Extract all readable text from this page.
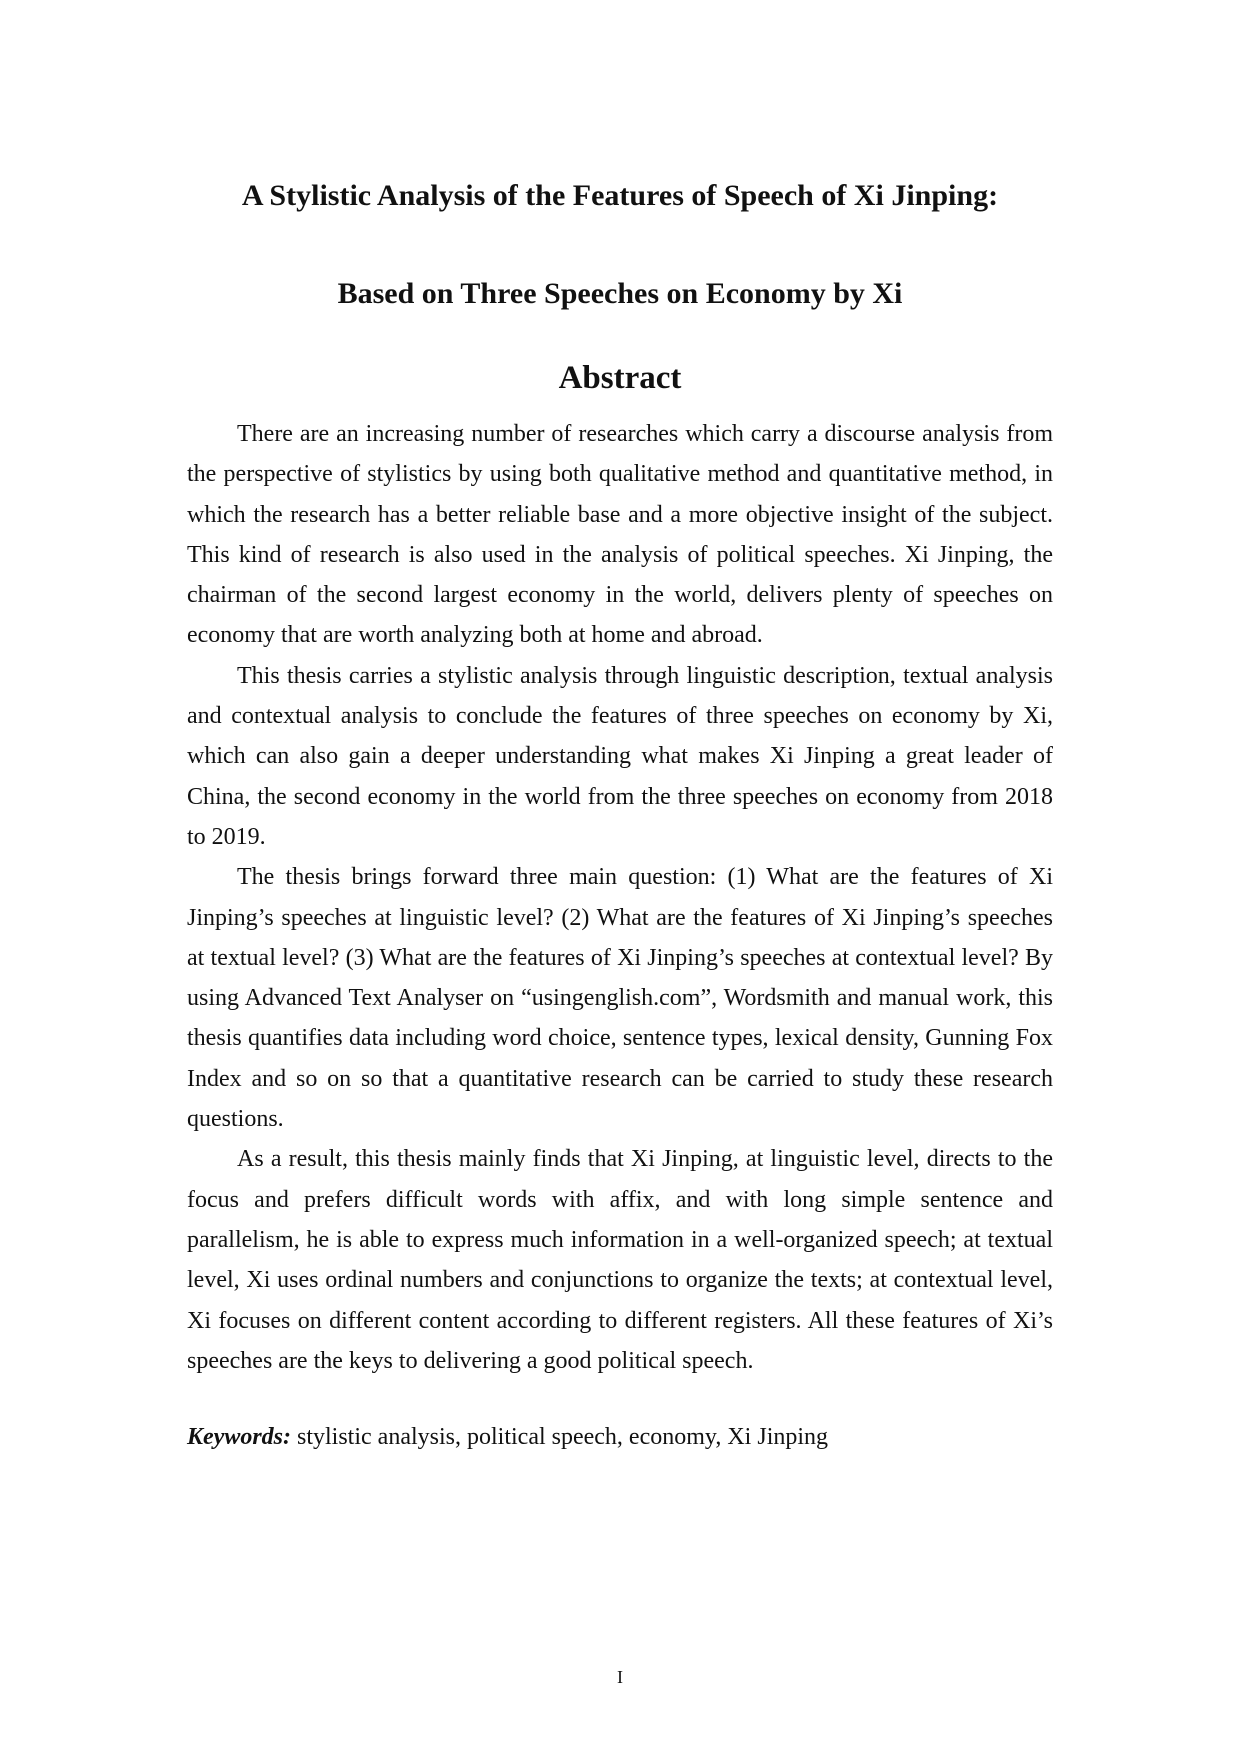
A Stylistic Analysis of the Features of Speech of Xi Jinping:
Based on Three Speeches on Economy by Xi
Abstract

There are an increasing number of researches which carry a discourse analysis from the perspective of stylistics by using both qualitative method and quantitative method, in which the research has a better reliable base and a more objective insight of the subject. This kind of research is also used in the analysis of political speeches. Xi Jinping, the chairman of the second largest economy in the world, delivers plenty of speeches on economy that are worth analyzing both at home and abroad.

This thesis carries a stylistic analysis through linguistic description, textual analysis and contextual analysis to conclude the features of three speeches on economy by Xi, which can also gain a deeper understanding what makes Xi Jinping a great leader of China, the second economy in the world from the three speeches on economy from 2018 to 2019.

The thesis brings forward three main question: (1) What are the features of Xi Jinping’s speeches at linguistic level? (2) What are the features of Xi Jinping’s speeches at textual level? (3) What are the features of Xi Jinping’s speeches at contextual level? By using Advanced Text Analyser on “usingenglish.com”, Wordsmith and manual work, this thesis quantifies data including word choice, sentence types, lexical density, Gunning Fox Index and so on so that a quantitative research can be carried to study these research questions.

As a result, this thesis mainly finds that Xi Jinping, at linguistic level, directs to the focus and prefers difficult words with affix, and with long simple sentence and parallelism, he is able to express much information in a well-organized speech; at textual level, Xi uses ordinal numbers and conjunctions to organize the texts; at contextual level, Xi focuses on different content according to different registers. All these features of Xi’s speeches are the keys to delivering a good political speech.

Keywords: stylistic analysis, political speech, economy, Xi Jinping

I
